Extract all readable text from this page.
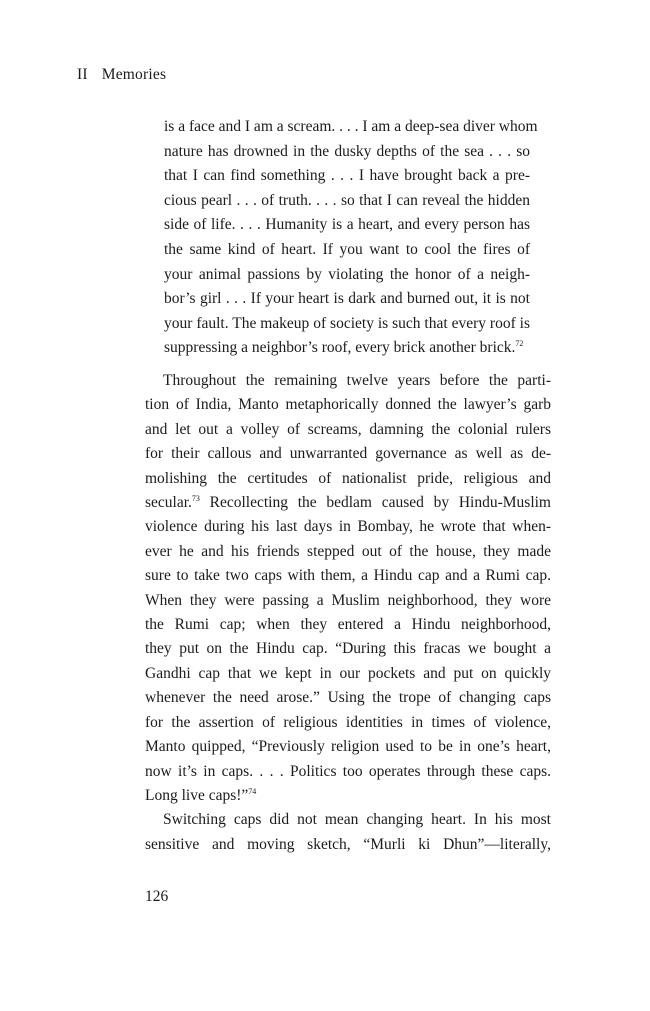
II Memories
is a face and I am a scream. . . . I am a deep-sea diver whom
nature has drowned in the dusky depths of the sea . . . so
that I can find something . . . I have brought back a pre-
cious pearl . . . of truth. . . . so that I can reveal the hidden
side of life. . . . Humanity is a heart, and every person has
the same kind of heart. If you want to cool the fires of
your animal passions by violating the honor of a neigh-
bor’s girl . . . If your heart is dark and burned out, it is not
your fault. The makeup of society is such that every roof is
suppressing a neighbor’s roof, every brick another brick.$^{72}$
Throughout the remaining twelve years before the parti-
tion of India, Manto metaphorically donned the lawyer’s garb
and let out a volley of screams, damning the colonial rulers
for their callous and unwarranted governance as well as de-
molishing the certitudes of nationalist pride, religious and
secular.$^{73}$ Recollecting the bedlam caused by Hindu-Muslim
violence during his last days in Bombay, he wrote that when-
ever he and his friends stepped out of the house, they made
sure to take two caps with them, a Hindu cap and a Rumi cap.
When they were passing a Muslim neighborhood, they wore
the Rumi cap; when they entered a Hindu neighborhood,
they put on the Hindu cap. “During this fracas we bought a
Gandhi cap that we kept in our pockets and put on quickly
whenever the need arose.” Using the trope of changing caps
for the assertion of religious identities in times of violence,
Manto quipped, “Previously religion used to be in one’s heart,
now it’s in caps. . . . Politics too operates through these caps.
Long live caps!”$^{74}$
Switching caps did not mean changing heart. In his most
sensitive and moving sketch, “Murli ki Dhun”—literally,
126
